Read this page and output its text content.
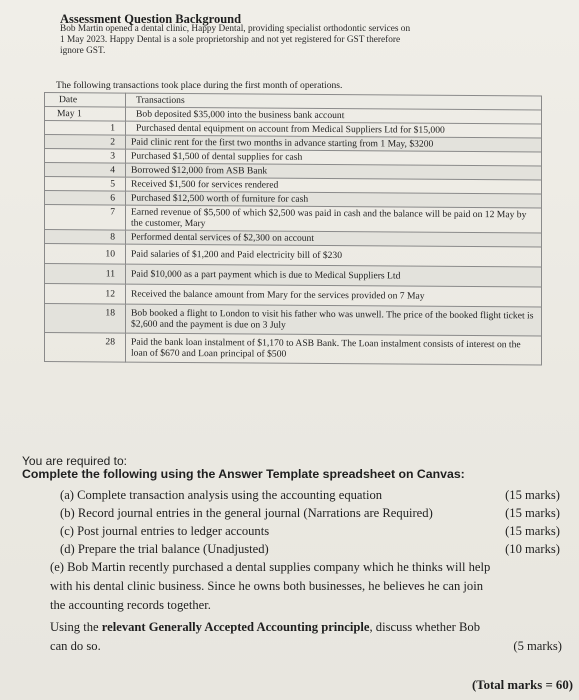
Assessment Question Background
Bob Martin opened a dental clinic, Happy Dental, providing specialist orthodontic services on
1 May 2023. Happy Dental is a sole proprietorship and not yet registered for GST therefore
ignore GST.
The following transactions took place during the first month of operations.
Date	Transactions
May 1	Bob deposited $35,000 into the business bank account
1	Purchased dental equipment on account from Medical Suppliers Ltd for $15,000
2	Paid clinic rent for the first two months in advance starting from 1 May, $3200
3	Purchased $1,500 of dental supplies for cash
4	Borrowed $12,000 from ASB Bank
5	Received $1,500 for services rendered
6	Purchased $12,500 worth of furniture for cash
7	Earned revenue of $5,500 of which $2,500 was paid in cash and the balance will be paid on 12 May by the customer, Mary
8	Performed dental services of $2,300 on account
10	Paid salaries of $1,200 and Paid electricity bill of $230
11	Paid $10,000 as a part payment which is due to Medical Suppliers Ltd
12	Received the balance amount from Mary for the services provided on 7 May
18	Bob booked a flight to London to visit his father who was unwell. The price of the booked flight ticket is $2,600 and the payment is due on 3 July
28	Paid the bank loan instalment of $1,170 to ASB Bank. The Loan instalment consists of interest on the loan of $670 and Loan principal of $500
You are required to:
Complete the following using the Answer Template spreadsheet on Canvas:
(a) Complete transaction analysis using the accounting equation	(15 marks)
(b) Record journal entries in the general journal (Narrations are Required)	(15 marks)
(c) Post journal entries to ledger accounts	(15 marks)
(d) Prepare the trial balance (Unadjusted)	(10 marks)
(e) Bob Martin recently purchased a dental supplies company which he thinks will help
with his dental clinic business. Since he owns both businesses, he believes he can join
the accounting records together.
Using the relevant Generally Accepted Accounting principle, discuss whether Bob
can do so.	(5 marks)
(Total marks = 60)
